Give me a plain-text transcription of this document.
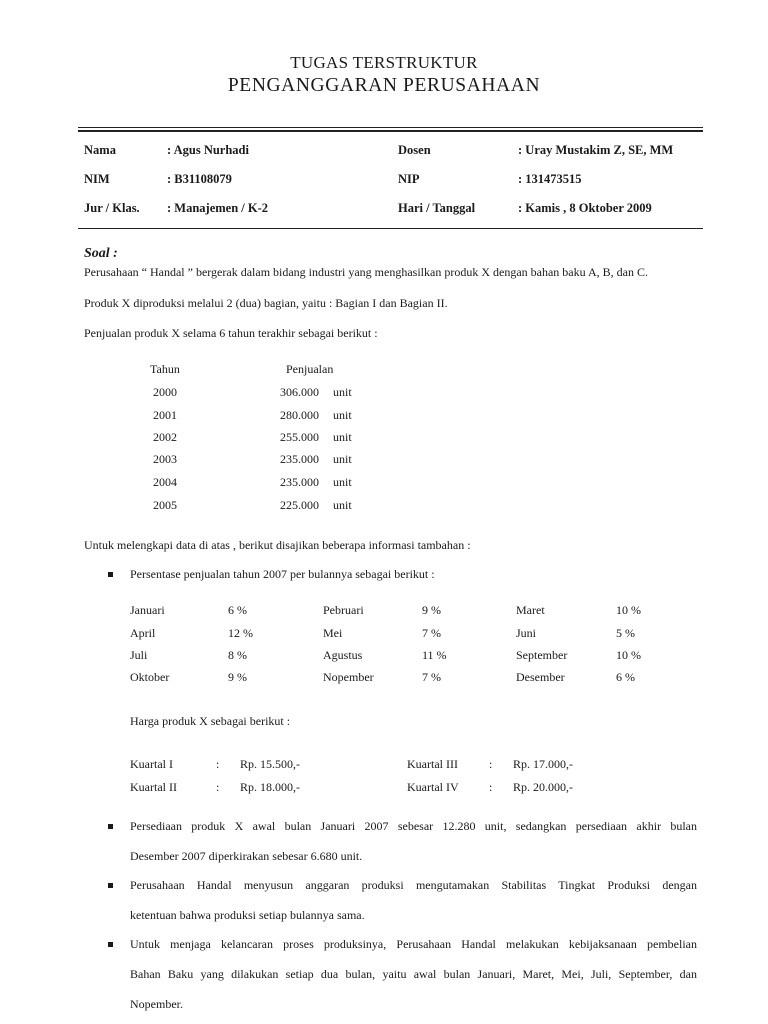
TUGAS TERSTRUKTUR
PENGANGGARAN PERUSAHAAN
Nama	: Agus Nurhadi
NIM	: B31108079
Jur / Klas. : Manajemen / K-2
Dosen	: Uray Mustakim Z, SE, MM
NIP	: 131473515
Hari / Tanggal	: Kamis , 8 Oktober 2009
Soal :
Perusahaan “ Handal ” bergerak dalam bidang industri yang menghasilkan produk X dengan bahan baku A, B, dan C.
Produk X diproduksi melalui 2 (dua) bagian, yaitu : Bagian I dan Bagian II.
Penjualan produk X selama 6 tahun terakhir sebagai berikut :
Tahun	Penjualan
2000	306.000 unit
2001	280.000 unit
2002	255.000 unit
2003	235.000 unit
2004	235.000 unit
2005	225.000 unit
Untuk melengkapi data di atas , berikut disajikan beberapa informasi tambahan :
Persentase penjualan tahun 2007 per bulannya sebagai berikut :
Januari	6 %	Pebruari	9 %	Maret	10 %
April	12 %	Mei	7 %	Juni	5 %
Juli	8 %	Agustus	11 %	September	10 %
Oktober	9 %	Nopember	7 %	Desember	6 %
Harga produk X sebagai berikut :
Kuartal I	: Rp. 15.500,-	Kuartal III	: Rp. 17.000,-
Kuartal II	: Rp. 18.000,-	Kuartal IV	: Rp. 20.000,-
Persediaan produk X awal bulan Januari 2007 sebesar 12.280 unit, sedangkan persediaan akhir bulan
Desember 2007 diperkirakan sebesar 6.680 unit.
Perusahaan Handal menyusun anggaran produksi mengutamakan Stabilitas Tingkat Produksi dengan
ketentuan bahwa produksi setiap bulannya sama.
Untuk menjaga kelancaran proses produksinya, Perusahaan Handal melakukan kebijaksanaan pembelian
Bahan Baku yang dilakukan setiap dua bulan, yaitu awal bulan Januari, Maret, Mei, Juli, September, dan
Nopember.
